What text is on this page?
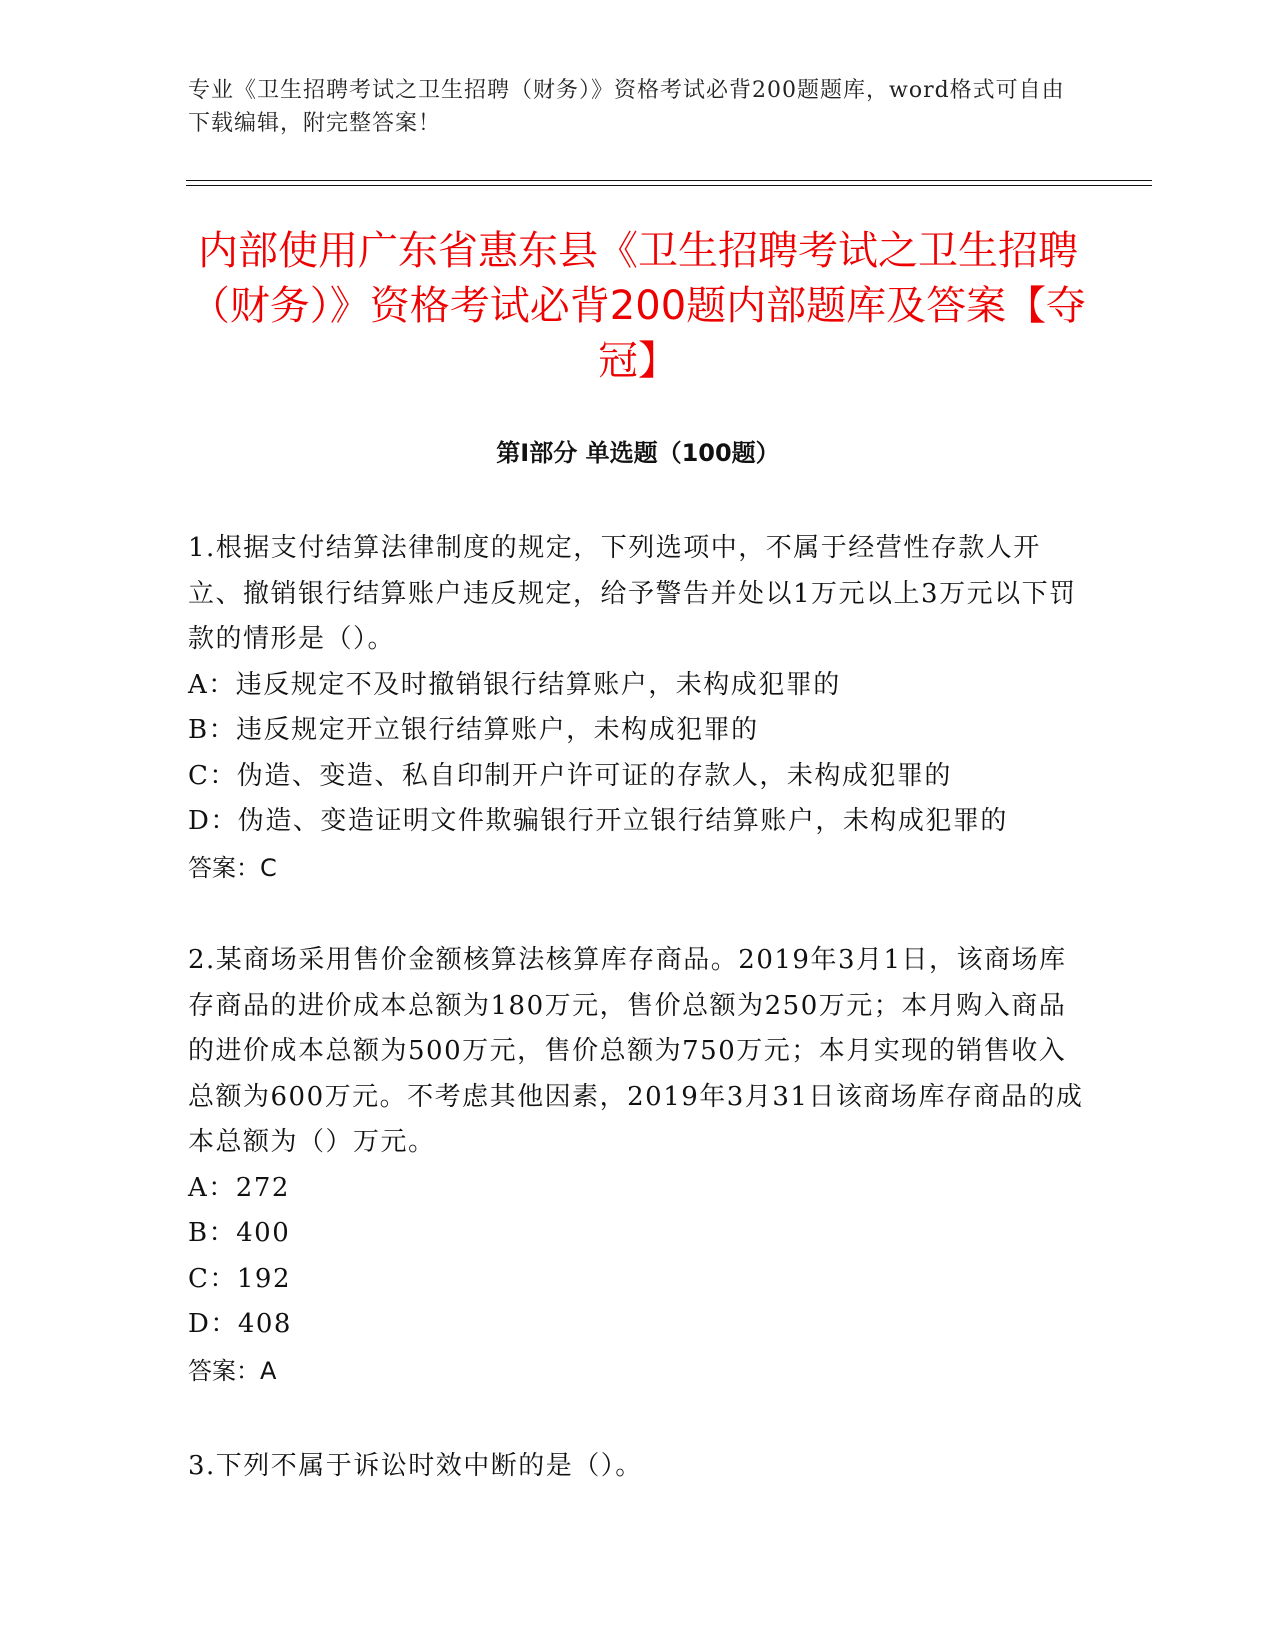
专业《卫生招聘考试之卫生招聘（财务）》资格考试必背200题题库，word格式可自由下载编辑，附完整答案！
内部使用广东省惠东县《卫生招聘考试之卫生招聘（财务）》资格考试必背200题内部题库及答案【夺冠】
第Ⅰ部分 单选题（100题）

1.根据支付结算法律制度的规定，下列选项中，不属于经营性存款人开立、撤销银行结算账户违反规定，给予警告并处以1万元以上3万元以下罚款的情形是（）。

A：违反规定不及时撤销银行结算账户，未构成犯罪的
B：违反规定开立银行结算账户，未构成犯罪的
C：伪造、变造、私自印制开户许可证的存款人，未构成犯罪的
D：伪造、变造证明文件欺骗银行开立银行结算账户，未构成犯罪的

答案：C

2.某商场采用售价金额核算法核算库存商品。2019年3月1日，该商场库存商品的进价成本总额为180万元，售价总额为250万元；本月购入商品的进价成本总额为500万元，售价总额为750万元；本月实现的销售收入总额为600万元。不考虑其他因素，2019年3月31日该商场库存商品的成本总额为（）万元。

A：272
B：400
C：192
D：408

答案：A

3.下列不属于诉讼时效中断的是（）。
